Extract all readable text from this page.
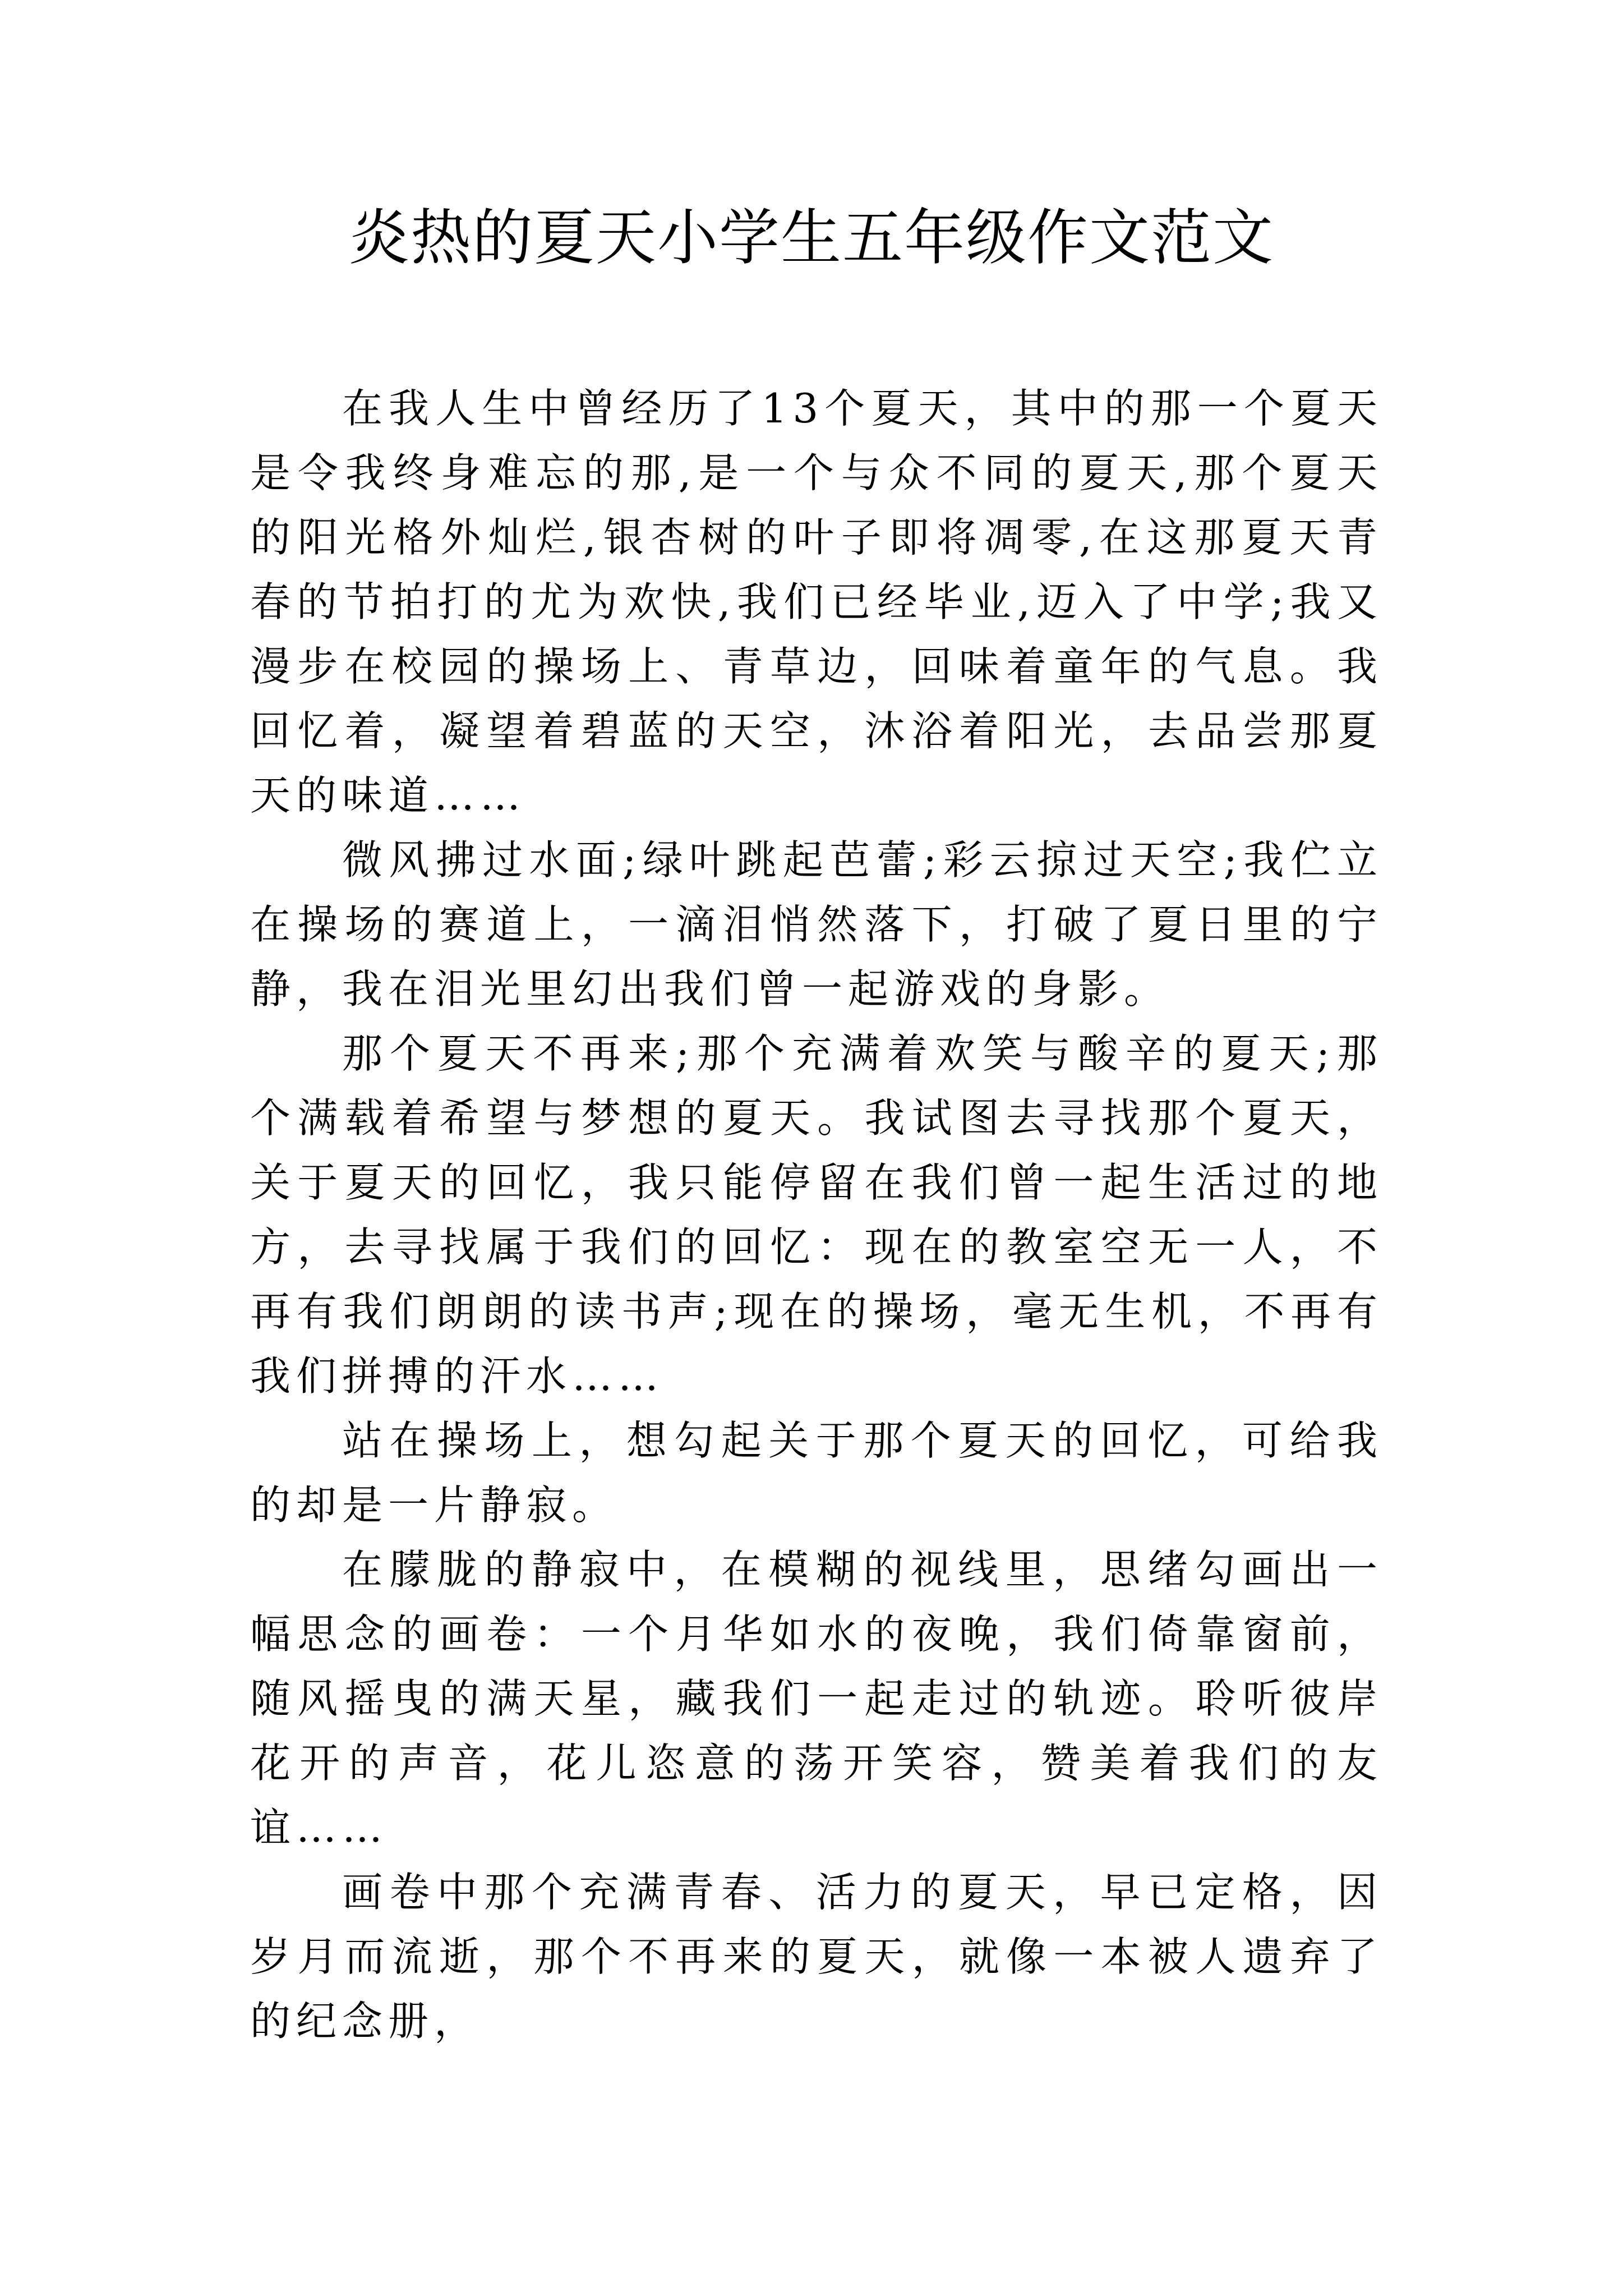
炎热的夏天小学生五年级作文范文

在我人生中曾经历了13个夏天，其中的那一个夏天是令我终身难忘的那,是一个与众不同的夏天,那个夏天的阳光格外灿烂,银杏树的叶子即将凋零,在这那夏天青春的节拍打的尤为欢快,我们已经毕业,迈入了中学;我又漫步在校园的操场上、青草边，回味着童年的气息。我回忆着，凝望着碧蓝的天空，沐浴着阳光，去品尝那夏天的味道……

微风拂过水面;绿叶跳起芭蕾;彩云掠过天空;我伫立在操场的赛道上，一滴泪悄然落下，打破了夏日里的宁静，我在泪光里幻出我们曾一起游戏的身影。

那个夏天不再来;那个充满着欢笑与酸辛的夏天;那个满载着希望与梦想的夏天。我试图去寻找那个夏天，关于夏天的回忆，我只能停留在我们曾一起生活过的地方，去寻找属于我们的回忆：现在的教室空无一人，不再有我们朗朗的读书声;现在的操场，毫无生机，不再有我们拼搏的汗水……

站在操场上，想勾起关于那个夏天的回忆，可给我的却是一片静寂。

在朦胧的静寂中，在模糊的视线里，思绪勾画出一幅思念的画卷：一个月华如水的夜晚，我们倚靠窗前，随风摇曳的满天星，藏我们一起走过的轨迹。聆听彼岸花开的声音，花儿恣意的荡开笑容，赞美着我们的友谊……

画卷中那个充满青春、活力的夏天，早已定格，因岁月而流逝，那个不再来的夏天，就像一本被人遗弃了的纪念册，
